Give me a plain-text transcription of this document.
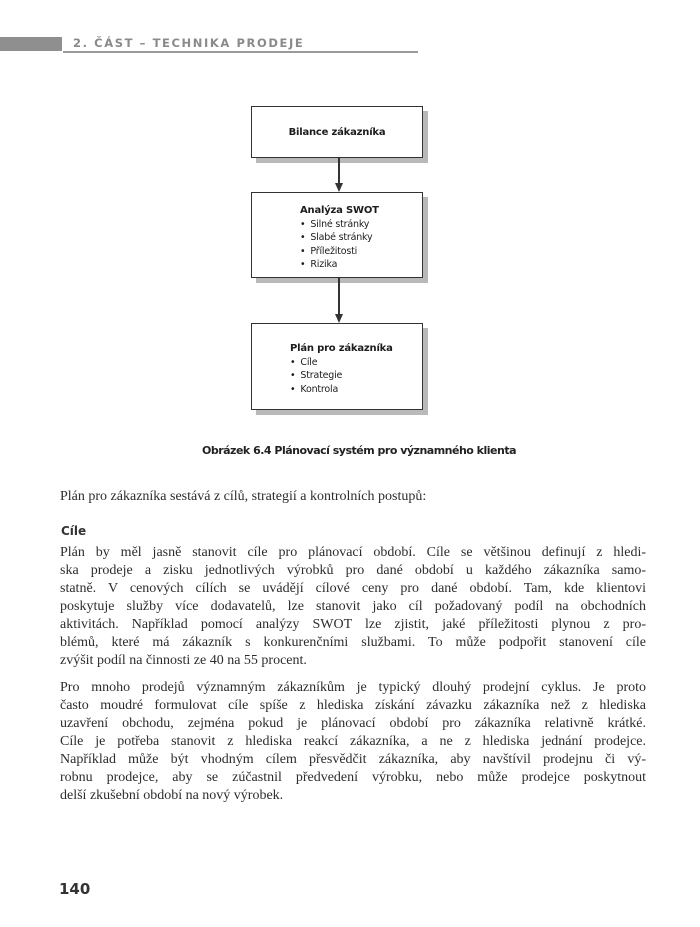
2. ČÁST – TECHNIKA PRODEJE
Bilance zákazníka
Analýza SWOT
• Silné stránky
• Slabé stránky
• Příležitosti
• Rizika
Plán pro zákazníka
• Cíle
• Strategie
• Kontrola
Obrázek 6.4 Plánovací systém pro významného klienta
Plán pro zákazníka sestává z cílů, strategií a kontrolních postupů:
Cíle

Plán by měl jasně stanovit cíle pro plánovací období. Cíle se většinou definují z hledi-
ska prodeje a zisku jednotlivých výrobků pro dané období u každého zákazníka samo-
statně. V cenových cílích se uvádějí cílové ceny pro dané období. Tam, kde klientovi
poskytuje služby více dodavatelů, lze stanovit jako cíl požadovaný podíl na obchodních
aktivitách. Například pomocí analýzy SWOT lze zjistit, jaké příležitosti plynou z pro-
blémů, které má zákazník s konkurenčními službami. To může podpořit stanovení cíle
zvýšit podíl na činnosti ze 40 na 55 procent.

Pro mnoho prodejů významným zákazníkům je typický dlouhý prodejní cyklus. Je proto
často moudré formulovat cíle spíše z hlediska získání závazku zákazníka než z hlediska
uzavření obchodu, zejména pokud je plánovací období pro zákazníka relativně krátké.
Cíle je potřeba stanovit z hlediska reakcí zákazníka, a ne z hlediska jednání prodejce.
Například může být vhodným cílem přesvědčit zákazníka, aby navštívil prodejnu či vý-
robnu prodejce, aby se zúčastnil předvedení výrobku, nebo může prodejce poskytnout
delší zkušební období na nový výrobek.

140
